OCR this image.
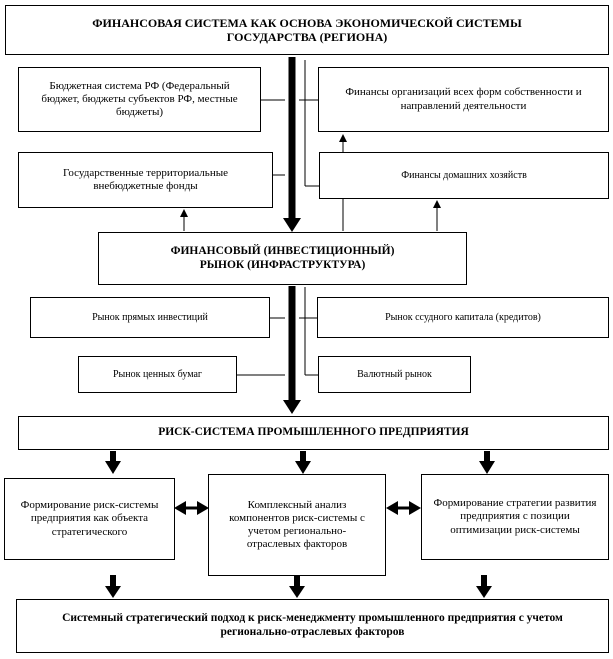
ФИНАНСОВАЯ СИСТЕМА КАК ОСНОВА ЭКОНОМИЧЕСКОЙ СИСТЕМЫ ГОСУДАРСТВА (РЕГИОНА)
Бюджетная система РФ (Федеральный бюджет, бюджеты субъектов РФ, местные бюджеты)
Финансы организаций всех форм собственности и направлений деятельности
Государственные территориальные внебюджетные фонды
Финансы домашних хозяйств
ФИНАНСОВЫЙ (ИНВЕСТИЦИОННЫЙ) РЫНОК (ИНФРАСТРУКТУРА)
Рынок прямых инвестиций	Рынок ссудного капитала (кредитов)
Рынок ценных бумаг	Валютный рынок
РИСК-СИСТЕМА ПРОМЫШЛЕННОГО ПРЕДПРИЯТИЯ
Формирование риск-системы предприятия как объекта стратегического
Комплексный анализ компонентов риск-системы с учетом регионально-отраслевых факторов
Формирование стратегии развития предприятия с позиции оптимизации риск-системы
Системный стратегический подход к риск-менеджменту промышленного предприятия с учетом регионально-отраслевых факторов
